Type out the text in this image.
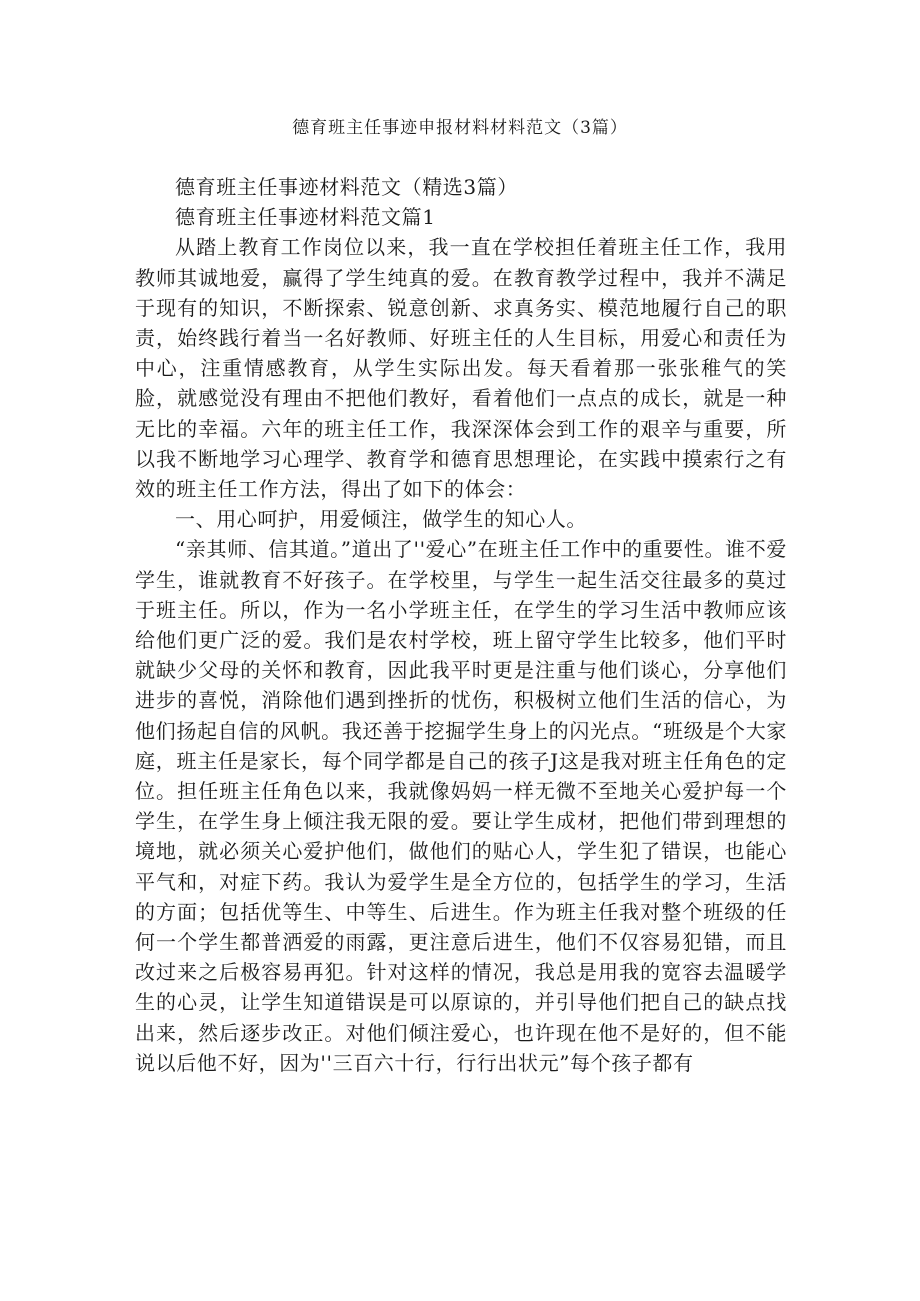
德育班主任事迹申报材料材料范文（3篇）

德育班主任事迹材料范文（精选3篇）

德育班主任事迹材料范文篇1

从踏上教育工作岗位以来，我一直在学校担任着班主任工作，我用教师其诚地爱，赢得了学生纯真的爱。在教育教学过程中，我并不满足于现有的知识，不断探索、锐意创新、求真务实、模范地履行自己的职责，始终践行着当一名好教师、好班主任的人生目标，用爱心和责任为中心，注重情感教育，从学生实际出发。每天看着那一张张稚气的笑脸，就感觉没有理由不把他们教好，看着他们一点点的成长，就是一种无比的幸福。六年的班主任工作，我深深体会到工作的艰辛与重要，所以我不断地学习心理学、教育学和德育思想理论，在实践中摸索行之有效的班主任工作方法，得出了如下的体会：

一、用心呵护，用爱倾注，做学生的知心人。

“亲其师、信其道。”道出了''爱心”在班主任工作中的重要性。谁不爱学生，谁就教育不好孩子。在学校里，与学生一起生活交往最多的莫过于班主任。所以，作为一名小学班主任，在学生的学习生活中教师应该给他们更广泛的爱。我们是农村学校，班上留守学生比较多，他们平时就缺少父母的关怀和教育，因此我平时更是注重与他们谈心，分享他们进步的喜悦，消除他们遇到挫折的忧伤，积极树立他们生活的信心，为他们扬起自信的风帆。我还善于挖掘学生身上的闪光点。“班级是个大家庭，班主任是家长，每个同学都是自己的孩子J这是我对班主任角色的定位。担任班主任角色以来，我就像妈妈一样无微不至地关心爱护每一个学生，在学生身上倾注我无限的爱。要让学生成材，把他们带到理想的境地，就必须关心爱护他们，做他们的贴心人，学生犯了错误，也能心平气和，对症下药。我认为爱学生是全方位的，包括学生的学习，生活的方面；包括优等生、中等生、后进生。作为班主任我对整个班级的任何一个学生都普洒爱的雨露，更注意后进生，他们不仅容易犯错，而且改过来之后极容易再犯。针对这样的情况，我总是用我的宽容去温暖学生的心灵，让学生知道错误是可以原谅的，并引导他们把自己的缺点找出来，然后逐步改正。对他们倾注爱心，也许现在他不是好的，但不能说以后他不好，因为''三百六十行，行行出状元”每个孩子都有
